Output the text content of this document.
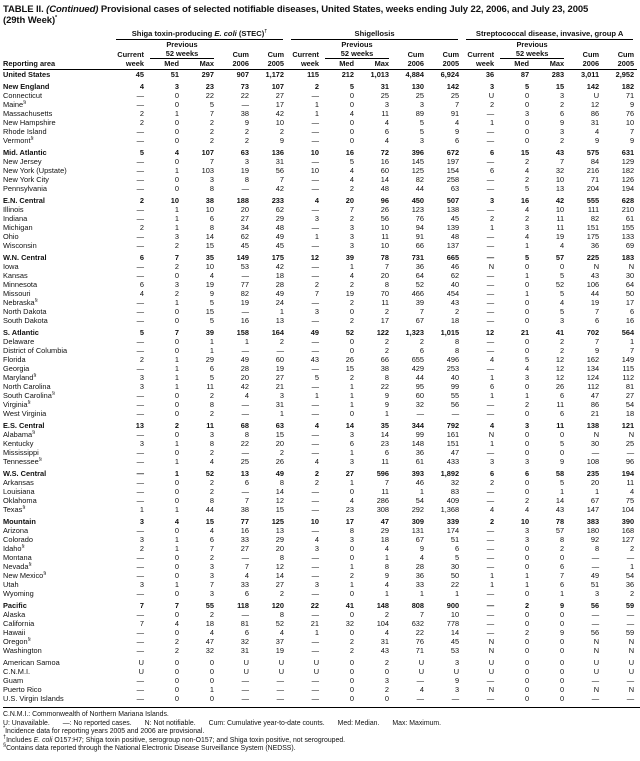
TABLE II. (Continued) Provisional cases of selected notifiable diseases, United States, weeks ending July 22, 2006, and July 23, 2005
(29th Week)*

	Shiga toxin-producing E. coli (STEC)†					Shigellosis					Streptococcal disease, invasive, group A				

		Previous					Previous					Previous			
	Current	52 weeks		Cum	Cum	Current	52 weeks		Cum	Cum	Current	52 weeks		Cum	Cum
Reporting area	week	Med	Max	2006	2005	week	Med	Max	2006	2005	week	Med	Max	2006	2005
United States	45	51	297	907	1,172	115	212	1,013	4,884	6,924	36	87	283	3,011	2,952
New England	4	3	23	73	107	2	5	31	130	142	3	5	15	142	182
Connecticut	—	0	22	22	27	—	0	25	25	25	U	0	3	U	71
Maine§	—	0	5	—	17	1	0	3	3	7	2	0	2	12	9
Massachusetts	2	1	7	38	42	1	4	11	89	91	—	3	6	86	76
New Hampshire	2	0	2	9	10	—	0	4	5	4	1	0	9	31	10
Rhode Island	—	0	2	2	2	—	0	6	5	9	—	0	3	4	7
Vermont§	—	0	2	2	9	—	0	4	3	6	—	0	2	9	9
Mid. Atlantic	5	4	107	63	136	10	16	72	396	672	6	15	43	575	631
New Jersey	—	0	7	3	31	—	5	16	145	197	—	2	7	84	129
New York (Upstate)	—	1	103	19	56	10	4	60	125	154	6	4	32	216	182
New York City	—	0	3	8	7	—	4	14	82	258	—	2	10	71	126
Pennsylvania	—	0	8	—	42	—	2	48	44	63	—	5	13	204	194
E.N. Central	2	10	38	188	233	4	20	96	450	507	3	16	42	555	628
Illinois	—	1	10	20	62	—	7	26	123	138	—	4	10	111	210
Indiana	—	1	6	27	29	3	2	56	76	45	2	2	11	82	61
Michigan	2	1	8	34	48	—	3	10	94	139	1	3	11	151	155
Ohio	—	3	14	62	49	1	3	11	91	48	—	4	19	175	133
Wisconsin	—	2	15	45	45	—	3	10	66	137	—	1	4	36	69
W.N. Central	6	7	35	149	175	12	39	78	731	665	—	5	57	225	183
Iowa	—	2	10	53	42	—	1	7	36	46	N	0	0	N	N
Kansas	—	0	4	—	18	—	4	20	64	62	—	1	5	43	30
Minnesota	6	3	19	77	28	2	2	8	52	40	—	0	52	106	64
Missouri	4	2	9	82	49	7	19	70	466	454	—	1	5	44	50
Nebraska§	—	1	5	19	24	—	2	11	39	43	—	0	4	19	17
North Dakota	—	0	15	—	1	3	0	2	7	2	—	0	5	7	6
South Dakota	—	0	5	16	13	—	2	17	67	18	—	0	3	6	16
S. Atlantic	5	7	39	158	164	49	52	122	1,323	1,015	12	21	41	702	564
Delaware	—	0	1	1	2	—	0	2	2	8	—	0	2	7	1
District of Columbia	—	0	1	—	—	—	0	2	6	8	—	0	2	9	7
Florida	2	1	29	49	60	43	26	66	655	496	4	5	12	162	149
Georgia	—	1	6	28	19	—	15	38	429	253	—	4	12	134	115
Maryland§	3	1	5	20	27	5	2	8	44	40	1	3	12	124	112
North Carolina	3	1	11	42	21	—	1	22	95	99	6	0	26	112	81
South Carolina§	—	0	2	4	3	1	1	9	60	55	1	1	6	47	27
Virginia§	—	0	8	—	31	—	1	9	32	56	—	2	11	86	54
West Virginia	—	0	2	—	1	—	0	1	—	—	—	0	6	21	18
E.S. Central	13	2	11	68	63	4	14	35	344	792	4	3	11	138	121
Alabama§	—	0	3	8	15	—	3	14	99	161	N	0	0	N	N
Kentucky	3	1	8	22	20	—	6	23	148	151	1	0	5	30	25
Mississippi	—	0	2	—	2	—	1	6	36	47	—	0	0	—	—
Tennessee§	—	1	4	25	26	4	3	11	61	433	3	3	9	108	96
W.S. Central	—	1	52	13	49	2	27	596	393	1,892	6	6	58	235	194
Arkansas	—	0	2	6	8	2	1	7	46	32	2	0	5	20	11
Louisiana	—	0	2	—	14	—	0	11	1	83	—	0	1	1	4
Oklahoma	—	0	8	7	12	—	4	286	54	409	—	2	14	67	75
Texas§	1	1	44	38	15	—	23	308	292	1,368	4	4	43	147	104
Mountain	3	4	15	77	125	10	17	47	309	339	2	10	78	383	390
Arizona	—	0	4	16	13	—	8	29	131	174	—	3	57	180	168
Colorado	3	1	6	33	29	4	3	18	67	51	—	3	8	92	127
Idaho§	2	1	7	27	20	3	0	4	9	6	—	0	2	8	2
Montana	—	0	2	—	8	—	0	1	4	5	—	0	0	—	—
Nevada§	—	0	3	7	12	—	1	8	28	30	—	0	6	—	1
New Mexico§	—	0	3	4	14	—	2	9	36	50	1	1	7	49	54
Utah	3	1	7	33	27	3	1	4	33	22	1	1	6	51	36
Wyoming	—	0	3	6	2	—	0	1	1	1	—	0	1	3	2
Pacific	7	7	55	118	120	22	41	148	808	900	—	2	9	56	59
Alaska	—	0	2	—	8	—	0	2	7	10	—	0	0	—	—
California	7	4	18	81	52	21	32	104	632	778	—	0	0	—	—
Hawaii	—	0	4	6	4	1	0	4	22	14	—	2	9	56	59
Oregon§	—	2	47	32	37	—	2	31	76	45	N	0	0	N	N
Washington	—	2	32	31	19	—	2	43	71	53	N	0	0	N	N
American Samoa	U	0	0	U	U	U	0	2	U	3	U	0	0	U	U
C.N.M.I.	U	0	0	U	U	U	0	0	U	U	U	0	0	U	U
Guam	—	0	0	—	—	—	0	3	—	9	—	0	0	—	—
Puerto Rico	—	0	1	—	—	—	0	2	4	3	N	0	0	N	N
U.S. Virgin Islands	—	0	0	—	—	—	0	0	—	—	—	0	0	—	—
C.N.M.I.: Commonwealth of Northern Mariana Islands.
U: Unavailable. —: No reported cases. N: Not notifiable. Cum: Cumulative year-to-date counts. Med: Median. Max: Maximum.
*Incidence data for reporting years 2005 and 2006 are provisional.
†Includes E. coli O157:H7; Shiga toxin positive, serogroup non-O157; and Shiga toxin positive, not serogrouped.
§Contains data reported through the National Electronic Disease Surveillance System (NEDSS).
